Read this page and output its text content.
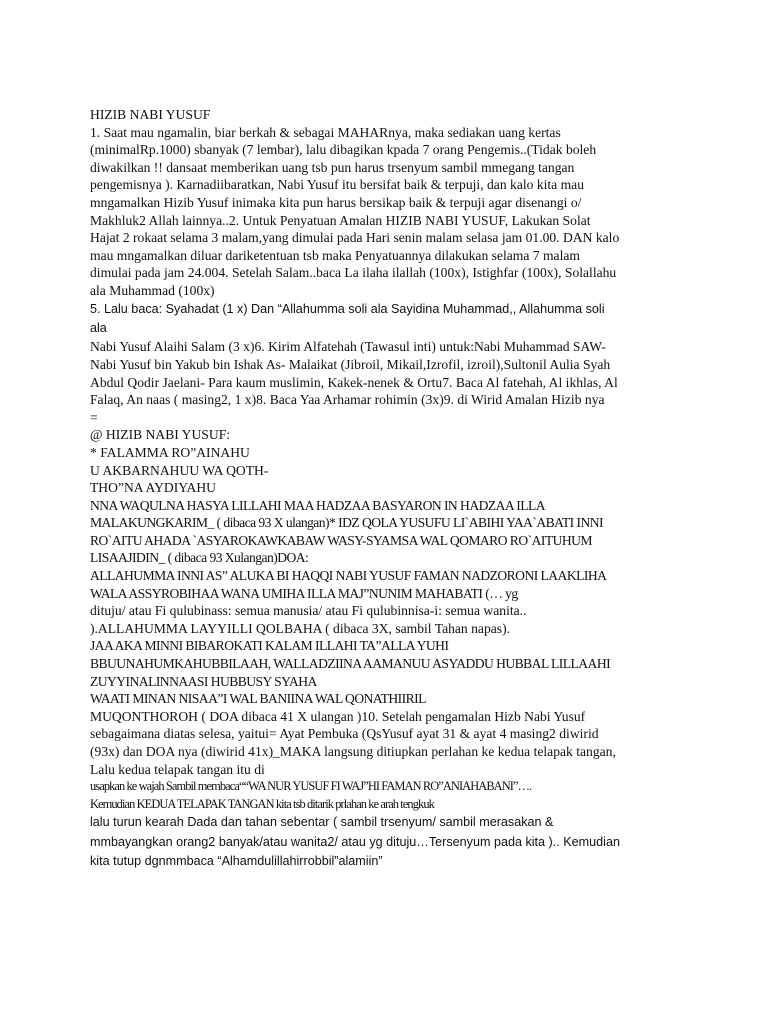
HIZIB NABI YUSUF
1. Saat mau ngamalin, biar berkah & sebagai MAHARnya, maka sediakan uang kertas
(minimalRp.1000) sbanyak (7 lembar), lalu dibagikan kpada 7 orang Pengemis..(Tidak boleh
diwakilkan !! dansaat memberikan uang tsb pun harus trsenyum sambil mmegang tangan
pengemisnya ). Karnadiibaratkan, Nabi Yusuf itu bersifat baik & terpuji, dan kalo kita mau
mngamalkan Hizib Yusuf inimaka kita pun harus bersikap baik & terpuji agar disenangi o/
Makhluk2 Allah lainnya..2. Untuk Penyatuan Amalan HIZIB NABI YUSUF, Lakukan Solat
Hajat 2 rokaat selama 3 malam,yang dimulai pada Hari senin malam selasa jam 01.00. DAN kalo
mau mngamalkan diluar dariketentuan tsb maka Penyatuannya dilakukan selama 7 malam
dimulai pada jam 24.004. Setelah Salam..baca La ilaha ilallah (100x), Istighfar (100x), Solallahu
ala Muhammad (100x)
5. Lalu baca: Syahadat (1 x) Dan “Allahumma soli ala Sayidina Muhammad,, Allahumma soli
ala
Nabi Yusuf Alaihi Salam (3 x)6. Kirim Alfatehah (Tawasul inti) untuk:Nabi Muhammad SAW-
Nabi Yusuf bin Yakub bin Ishak As- Malaikat (Jibroil, Mikail,Izrofil, izroil),Sultonil Aulia Syah
Abdul Qodir Jaelani- Para kaum muslimin, Kakek-nenek & Ortu7. Baca Al fatehah, Al ikhlas, Al
Falaq, An naas ( masing2, 1 x)8. Baca Yaa Arhamar rohimin (3x)9. di Wirid Amalan Hizib nya
=
@ HIZIB NABI YUSUF:
* FALAMMA RO”AINAHU
U AKBARNAHUU WA QOTH-
THO”NA AYDIYAHU
NNA WAQULNA HASYA LILLAHI MAA HADZAA BASYARON IN HADZAA ILLA
MALAKUNGKARIM_ ( dibaca 93 X ulangan)* IDZ QOLA YUSUFU LI`ABIHI YAA`ABATI INNI
RO`AITU AHADA `ASYAROKAWKABAW WASY-SYAMSA WAL QOMARO RO`AITUHUM
LISAAJIDIN_ ( dibaca 93 Xulangan)DOA:
ALLAHUMMA INNI AS” ALUKA BI HAQQI NABI YUSUF FAMAN NADZORONI LAAKLIHA
WALA ASSYROBIHAA WANA UMIHA ILLA MAJ”NUNIM MAHABATI (… yg
dituju/ atau Fi qulubinass: semua manusia/ atau Fi qulubinnisa-i: semua wanita..
).ALLAHUMMA LAYYILLI QOLBAHA ( dibaca 3X, sambil Tahan napas).
JAA AKA MINNI BIBAROKATI KALAM ILLAHI TA”ALLA YUHI
BBUUNAHUMKAHUBBILAAH, WALLADZIINA AAMANUU ASYADDU HUBBAL LILLAAHI
ZUYYINALINNAASI HUBBUSY SYAHA
WAATI MINAN NISAA”I WAL BANIINA WAL QONATHIIRIL
MUQONTHOROH ( DOA dibaca 41 X ulangan )10. Setelah pengamalan Hizb Nabi Yusuf
sebagaimana diatas selesa, yaitui= Ayat Pembuka (QsYusuf ayat 31 & ayat 4 masing2 diwirid
(93x) dan DOA nya (diwirid 41x)_MAKA langsung ditiupkan perlahan ke kedua telapak tangan,
Lalu kedua telapak tangan itu di
usapkan ke wajah Sambil membaca““WA NUR YUSUF FI WAJ”HI FAMAN RO”ANIAHABANI”….
Kemudian KEDUA TELAPAK TANGAN kita tsb ditarik prlahan ke arah tengkuk
lalu turun kearah Dada dan tahan sebentar ( sambil trsenyum/ sambil merasakan &
mmbayangkan orang2 banyak/atau wanita2/ atau yg dituju…Tersenyum pada kita ).. Kemudian
kita tutup dgnmmbaca “Alhamdulillahirrobbil”alamiin”
